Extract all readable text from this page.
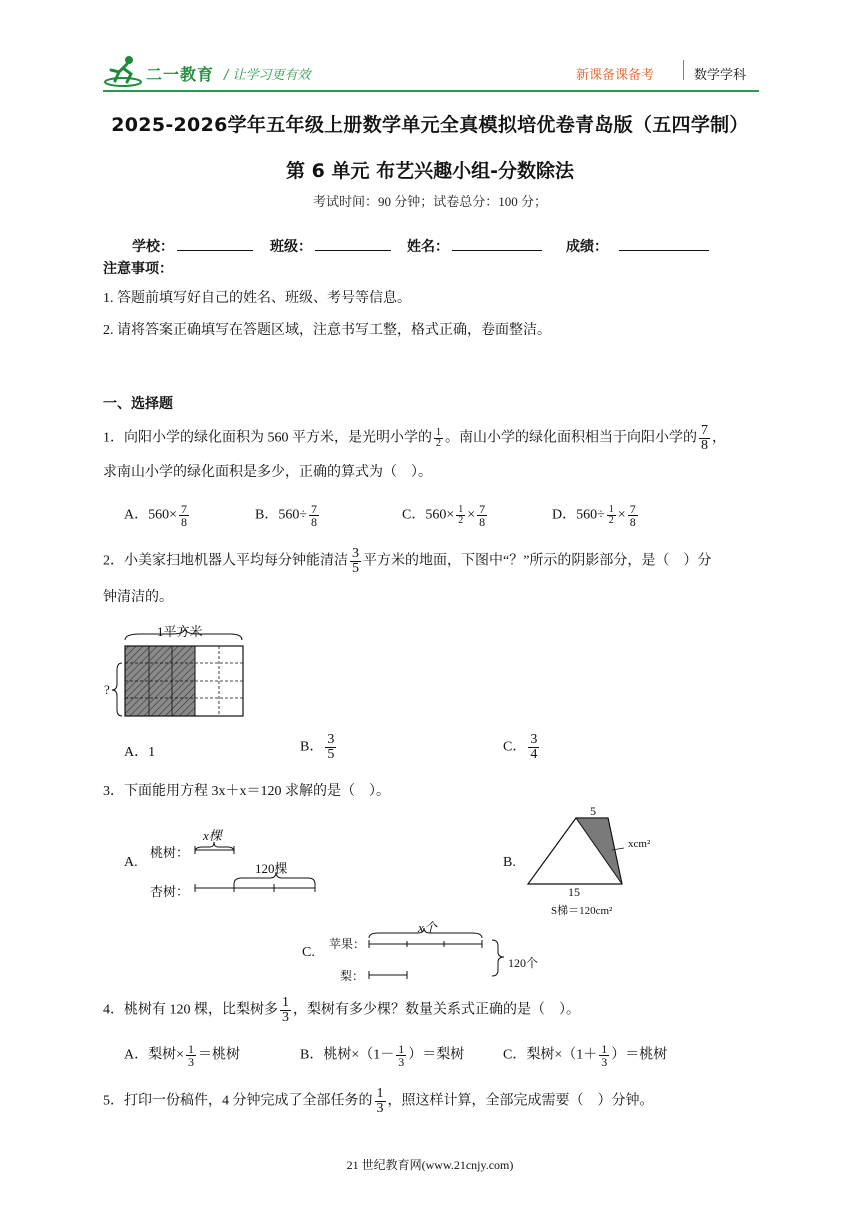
二一教育 / 让学习更有效	新课备课备考	数学学科
2025-2026学年五年级上册数学单元全真模拟培优卷青岛版（五四学制）
第 6 单元 布艺兴趣小组-分数除法
考试时间：90 分钟；试卷总分：100 分；
学校：	班级：	姓名：	成绩：
注意事项：
1. 答题前填写好自己的姓名、班级、考号等信息。
2. 请将答案正确填写在答题区域，注意书写工整，格式正确，卷面整洁。
一、选择题
1．向阳小学的绿化面积为 560 平方米，是光明小学的 $\frac{1}{2}$ 。南山小学的绿化面积相当于向阳小学的 $\frac{7}{8}$ ，
求南山小学的绿化面积是多少，正确的算式为（　）。
A．$560\times \frac{7}{8}$	B．$560\div \frac{7}{8}$	C．$560\times \frac{1}{2} \times \frac{7}{8}$	D．$560\div \frac{1}{2} \times \frac{7}{8}$
2．小美家扫地机器人平均每分钟能清洁 $\frac{3}{5}$ 平方米的地面，下图中“？”所示的阴影部分，是（　）分
钟清洁的。
1平方米
?
A．1	B． $\frac{3}{5}$	C． $\frac{3}{4}$
3．下面能用方程 3x＋x＝120 求解的是（　）。
A.
桃树：
杏树：
x棵
120棵	B.
5
15
xcm²
S梯＝120cm²
C.
苹果：
梨：
x个
120个
4．桃树有 120 棵，比梨树多 $\frac{1}{3}$ ，梨树有多少棵？数量关系式正确的是（　）。
A．梨树× $\frac{1}{3}$ ＝桃树	B．桃树$\times(1- \frac{1}{3}$ ）＝梨树	C．梨树$\times(1+ \frac{1}{3}$ ）＝桃树
5．打印一份稿件，4 分钟完成了全部任务的 $\frac{1}{3}$ ，照这样计算，全部完成需要（　）分钟。
21 世纪教育网(www.21cnjy.com)
